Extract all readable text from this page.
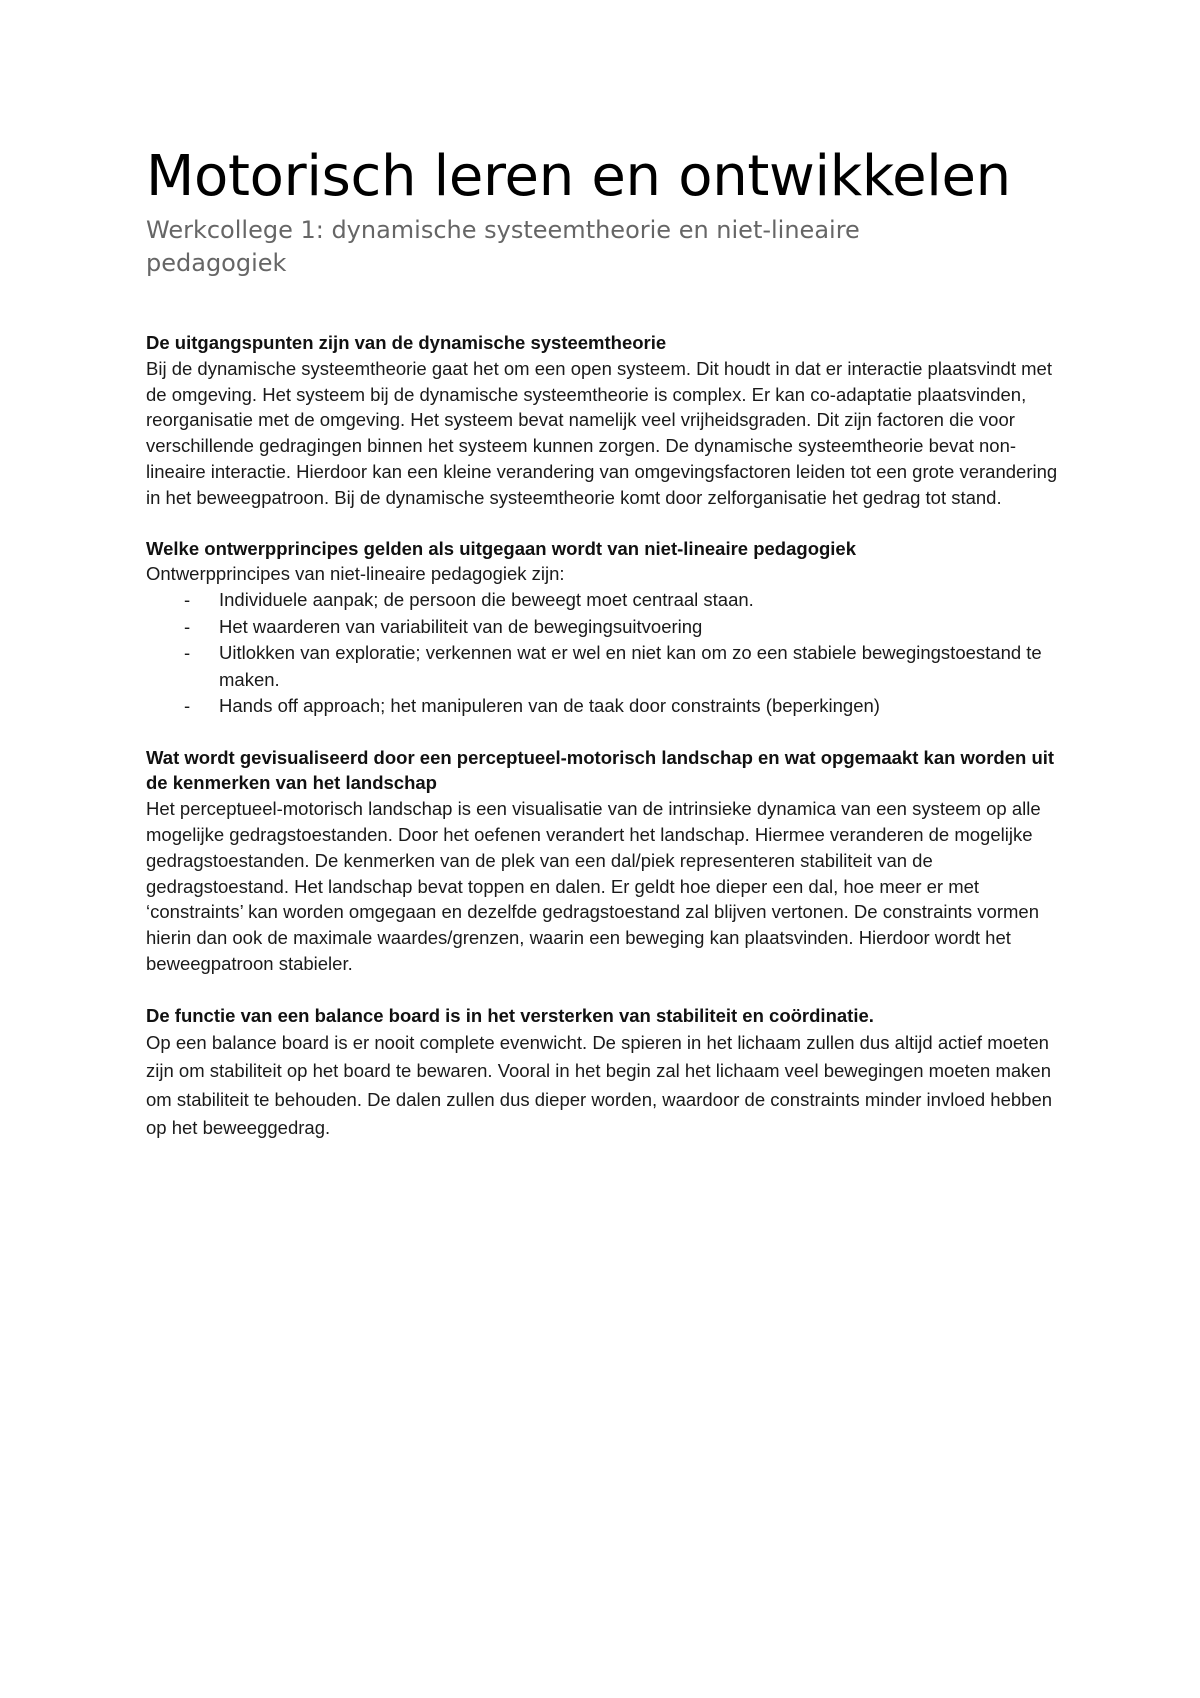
Motorisch leren en ontwikkelen
Werkcollege 1: dynamische systeemtheorie en niet-lineaire pedagogiek

De uitgangspunten zijn van de dynamische systeemtheorie

Bij de dynamische systeemtheorie gaat het om een open systeem. Dit houdt in dat er interactie plaatsvindt met de omgeving. Het systeem bij de dynamische systeemtheorie is complex. Er kan co-adaptatie plaatsvinden, reorganisatie met de omgeving. Het systeem bevat namelijk veel vrijheidsgraden. Dit zijn factoren die voor verschillende gedragingen binnen het systeem kunnen zorgen. De dynamische systeemtheorie bevat non-lineaire interactie. Hierdoor kan een kleine verandering van omgevingsfactoren leiden tot een grote verandering in het beweegpatroon. Bij de dynamische systeemtheorie komt door zelforganisatie het gedrag tot stand.

Welke ontwerpprincipes gelden als uitgegaan wordt van niet-lineaire pedagogiek

Ontwerpprincipes van niet-lineaire pedagogiek zijn:

- Individuele aanpak; de persoon die beweegt moet centraal staan.
- Het waarderen van variabiliteit van de bewegingsuitvoering
- Uitlokken van exploratie; verkennen wat er wel en niet kan om zo een stabiele bewegingstoestand te maken.
- Hands off approach; het manipuleren van de taak door constraints (beperkingen)

Wat wordt gevisualiseerd door een perceptueel-motorisch landschap en wat opgemaakt kan worden uit de kenmerken van het landschap

Het perceptueel-motorisch landschap is een visualisatie van de intrinsieke dynamica van een systeem op alle mogelijke gedragstoestanden. Door het oefenen verandert het landschap. Hiermee veranderen de mogelijke gedragstoestanden. De kenmerken van de plek van een dal/piek representeren stabiliteit van de gedragstoestand. Het landschap bevat toppen en dalen. Er geldt hoe dieper een dal, hoe meer er met ‘constraints’ kan worden omgegaan en dezelfde gedragstoestand zal blijven vertonen. De constraints vormen hierin dan ook de maximale waardes/grenzen, waarin een beweging kan plaatsvinden. Hierdoor wordt het beweegpatroon stabieler.

De functie van een balance board is in het versterken van stabiliteit en coördinatie.

Op een balance board is er nooit complete evenwicht. De spieren in het lichaam zullen dus altijd actief moeten zijn om stabiliteit op het board te bewaren. Vooral in het begin zal het lichaam veel bewegingen moeten maken om stabiliteit te behouden. De dalen zullen dus dieper worden, waardoor de constraints minder invloed hebben op het beweeggedrag.
